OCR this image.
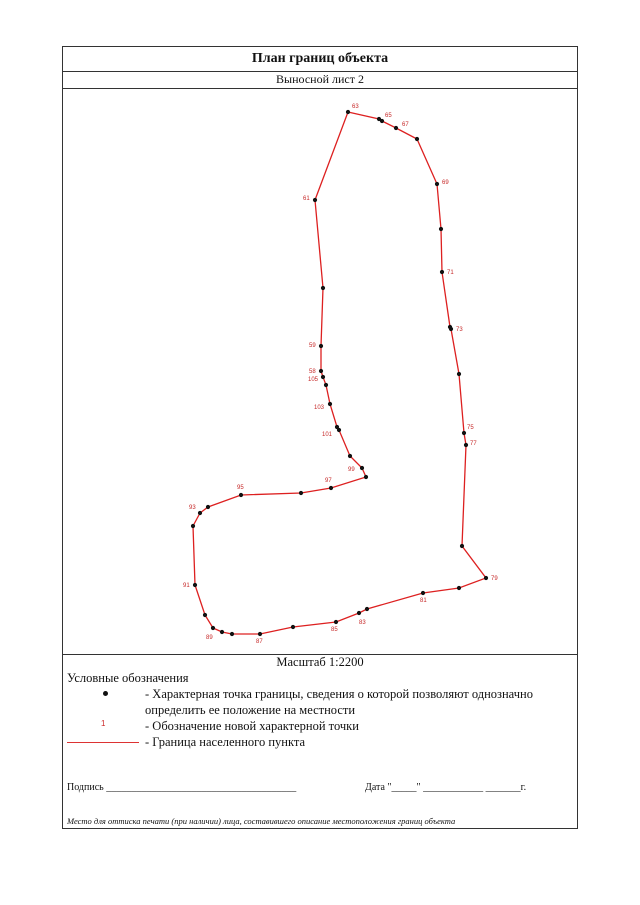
План границ объекта
Выносной лист 2
63
65
67
69
71
73
75
77
79
81
83
85
87
89
91
93
95
97
99
101
103
105
58
59
61
Масштаб 1:2200
Условные обозначения
- Характерная точка границы, сведения о которой позволяют однозначно определить ее положение на местности
1	- Обозначение новой характерной точки
- Граница населенного пункта
Подпись ______________________________________	Дата "_____" ____________ _______г.
Место для оттиска печати (при наличии) лица, составившего описание местоположения границ объекта
